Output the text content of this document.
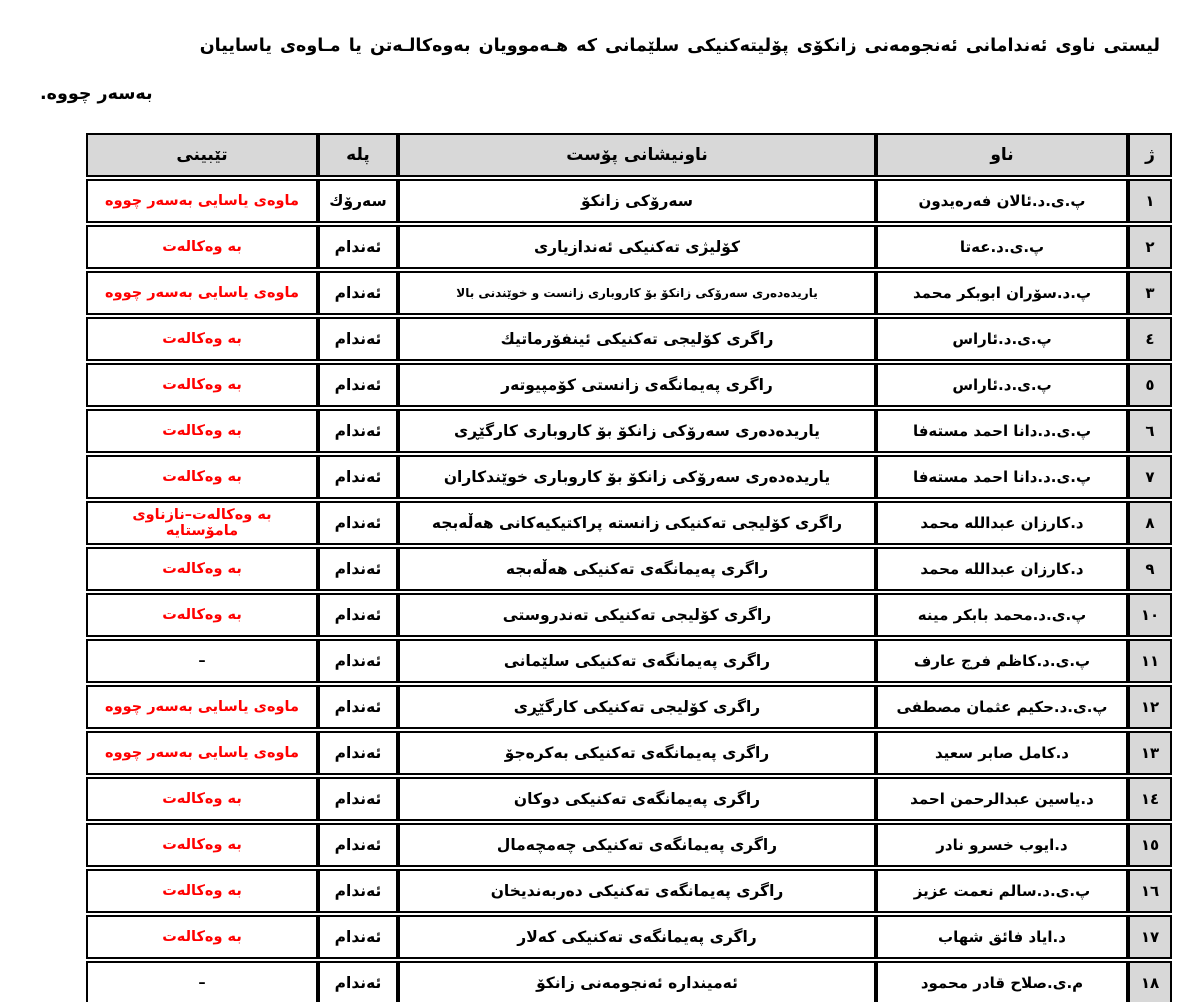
لیستی ناوی ئەندامانی ئەنجومەنی زانکۆی پۆلیتەکنیکی سلێمانی کە هـەموویان بەوەکالـەتن یا مـاوەی یاساییان
بەسەر چووە.
ژ	ناو	ناونیشانی پۆست	پله	تێبینی
١	پ.ی.د.ئالان فەرەیدون	سەرۆکی زانکۆ	سەرۆك	ماوەی یاسایی بەسەر چووە
٢	پ.ی.د.عەتا	کۆلیژی تەکنیکی ئەندازیاری	ئەندام	بە وەکالەت
٣	پ.د.سۆران ابوبکر محمد	یاریدەدەری سەرۆکی زانکۆ بۆ کاروباری زانست و خوێندنی بالا	ئەندام	ماوەی یاسایی بەسەر چووە
٤	پ.ی.د.ئاراس	راگری کۆلیجی تەکنیکی ئینفۆرماتیك	ئەندام	بە وەکالەت
٥	پ.ی.د.ئاراس	راگری پەیمانگەی زانستی کۆمپیوتەر	ئەندام	بە وەکالەت
٦	پ.ی.د.دانا احمد مستەفا	یاریدەدەری سەرۆکی زانکۆ بۆ کاروباری کارگێڕی	ئەندام	بە وەکالەت
٧	پ.ی.د.دانا احمد مستەفا	یاریدەدەری سەرۆکی زانکۆ بۆ کاروباری خوێندکاران	ئەندام	بە وەکالەت
٨	د.کارزان عبدالله محمد	راگری کۆلیجی تەکنیکی زانستە پراکتیکیەکانی هەڵەبجە	ئەندام	بە وەکالەت–نازناوی مامۆستایە
٩	د.کارزان عبدالله محمد	راگری پەیمانگەی تەکنیکی هەڵەبجە	ئەندام	بە وەکالەت
١٠	پ.ی.د.محمد بابکر مینە	راگری کۆلیجی تەکنیکی تەندروستی	ئەندام	بە وەکالەت
١١	پ.ی.د.کاظم فرج عارف	راگری پەیمانگەی تەکنیکی سلێمانی	ئەندام	–
١٢	پ.ی.د.حکیم عثمان مصطفی	راگری کۆلیجی تەکنیکی کارگێڕی	ئەندام	ماوەی یاسایی بەسەر چووە
١٣	د.کامل صابر سعید	راگری پەیمانگەی تەکنیکی بەکرەجۆ	ئەندام	ماوەی یاسایی بەسەر چووە
١٤	د.یاسین عبدالرحمن احمد	راگری پەیمانگەی تەکنیکی دوکان	ئەندام	بە وەکالەت
١٥	د.ایوب خسرو نادر	راگری پەیمانگەی تەکنیکی چەمچەمال	ئەندام	بە وەکالەت
١٦	پ.ی.د.سالم نعمت عزیز	راگری پەیمانگەی تەکنیکی دەربەندیخان	ئەندام	بە وەکالەت
١٧	د.ایاد فائق شهاب	راگری پەیمانگەی تەکنیکی کەلار	ئەندام	بە وەکالەت
١٨	م.ی.صلاح قادر محمود	ئەمیندارە ئەنجومەنی زانکۆ	ئەندام	–
